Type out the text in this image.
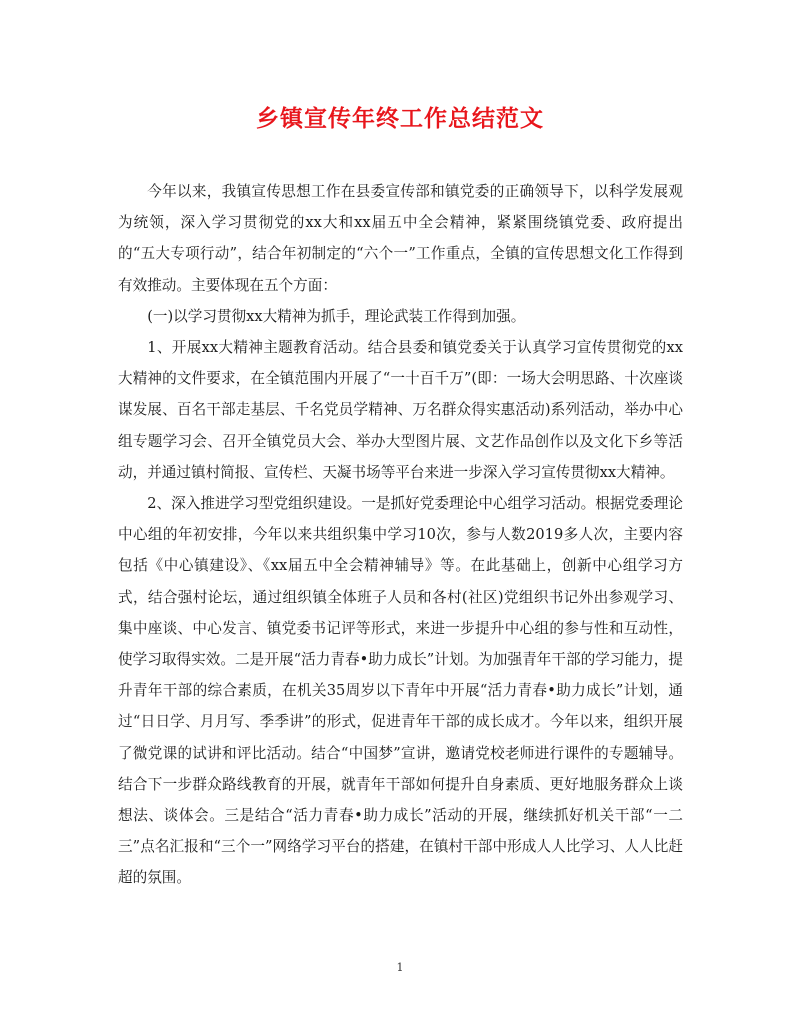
乡镇宣传年终工作总结范文

今年以来，我镇宣传思想工作在县委宣传部和镇党委的正确领导下，以科学发展观为统领，深入学习贯彻党的xx大和xx届五中全会精神，紧紧围绕镇党委、政府提出的“五大专项行动”，结合年初制定的“六个一”工作重点，全镇的宣传思想文化工作得到有效推动。主要体现在五个方面：

(一)以学习贯彻xx大精神为抓手，理论武装工作得到加强。

1、开展xx大精神主题教育活动。结合县委和镇党委关于认真学习宣传贯彻党的xx大精神的文件要求，在全镇范围内开展了“一十百千万”(即：一场大会明思路、十次座谈谋发展、百名干部走基层、千名党员学精神、万名群众得实惠活动)系列活动，举办中心组专题学习会、召开全镇党员大会、举办大型图片展、文艺作品创作以及文化下乡等活动，并通过镇村简报、宣传栏、天凝书场等平台来进一步深入学习宣传贯彻xx大精神。

2、深入推进学习型党组织建设。一是抓好党委理论中心组学习活动。根据党委理论中心组的年初安排，今年以来共组织集中学习10次，参与人数2019多人次，主要内容包括《中心镇建设》、《xx届五中全会精神辅导》等。在此基础上，创新中心组学习方式，结合强村论坛，通过组织镇全体班子人员和各村(社区)党组织书记外出参观学习、集中座谈、中心发言、镇党委书记评等形式，来进一步提升中心组的参与性和互动性，使学习取得实效。二是开展“活力青春•助力成长”计划。为加强青年干部的学习能力，提升青年干部的综合素质，在机关35周岁以下青年中开展“活力青春•助力成长”计划，通过“日日学、月月写、季季讲”的形式，促进青年干部的成长成才。今年以来，组织开展了微党课的试讲和评比活动。结合“中国梦”宣讲，邀请党校老师进行课件的专题辅导。结合下一步群众路线教育的开展，就青年干部如何提升自身素质、更好地服务群众上谈想法、谈体会。三是结合“活力青春•助力成长”活动的开展，继续抓好机关干部“一二三”点名汇报和“三个一”网络学习平台的搭建，在镇村干部中形成人人比学习、人人比赶超的氛围。

1
